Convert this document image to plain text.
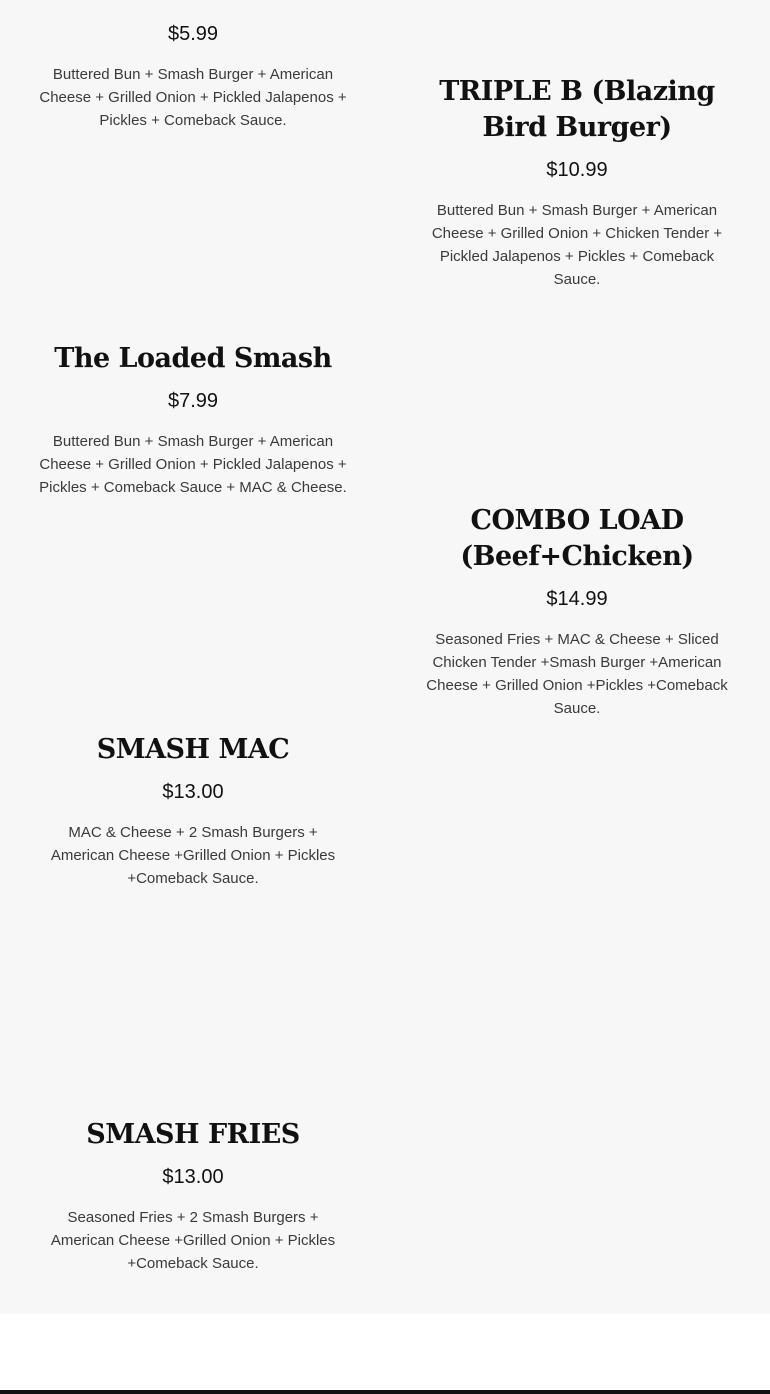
$5.99
Buttered Bun + Smash Burger + American Cheese + Grilled Onion + Pickled Jalapenos + Pickles + Comeback Sauce.
TRIPLE B (Blazing Bird Burger)
$10.99
Buttered Bun + Smash Burger + American Cheese + Grilled Onion + Chicken Tender + Pickled Jalapenos + Pickles + Comeback Sauce.
The Loaded Smash
$7.99
Buttered Bun + Smash Burger + American Cheese + Grilled Onion + Pickled Jalapenos + Pickles + Comeback Sauce + MAC & Cheese.
COMBO LOAD (Beef+Chicken)
$14.99
Seasoned Fries + MAC & Cheese + Sliced Chicken Tender +Smash Burger +American Cheese + Grilled Onion +Pickles +Comeback Sauce.
SMASH MAC
$13.00
MAC & Cheese + 2 Smash Burgers + American Cheese +Grilled Onion + Pickles +Comeback Sauce.
SMASH FRIES
$13.00
Seasoned Fries + 2 Smash Burgers + American Cheese +Grilled Onion + Pickles +Comeback Sauce.
